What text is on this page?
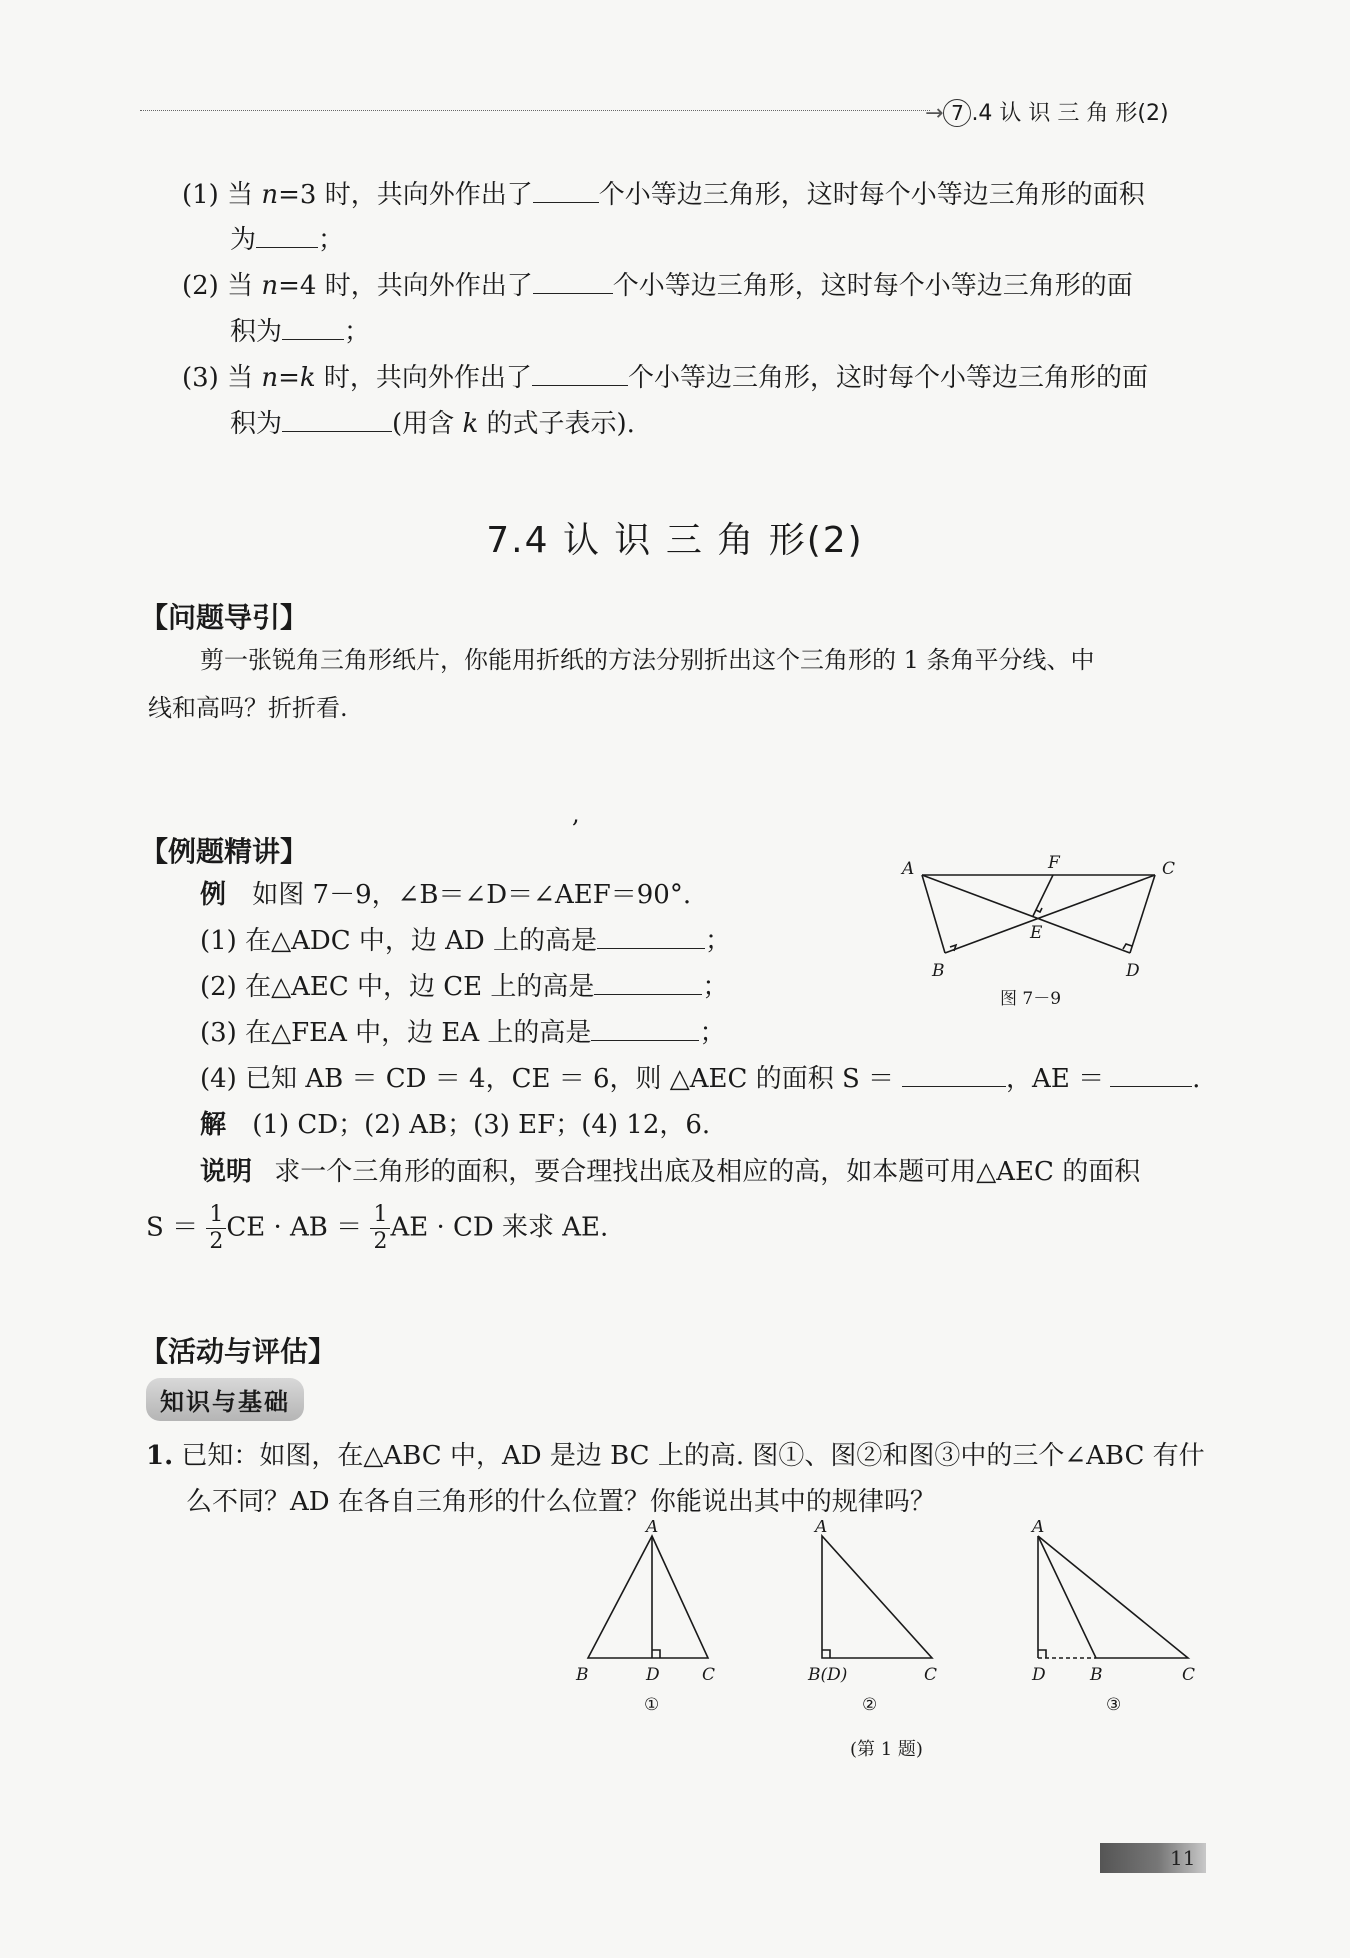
→ 7 .4 认 识 三 角 形(2)
(1) 当 n=3 时，共向外作出了	个小等边三角形，这时每个小等边三角形的面积
为 ；
(2) 当 n=4 时，共向外作出了	个小等边三角形，这时每个小等边三角形的面
积为 ；
(3) 当 n=k 时，共向外作出了	个小等边三角形，这时每个小等边三角形的面
积为	(用含 k 的式子表示).
7.4 认 识 三 角 形(2)
【问题导引】
剪一张锐角三角形纸片，你能用折纸的方法分别折出这个三角形的 1 条角平分线、中
线和高吗？折折看.
,
【例题精讲】
例 如图 7－9，∠B＝∠D＝∠AEF＝90°.
(1) 在△ADC 中，边 AD 上的高是	；
(2) 在△AEC 中，边 CE 上的高是	；
(3) 在△FEA 中，边 EA 上的高是	；
(4) 已知 AB ＝ CD ＝ 4，CE ＝ 6，则 △AEC 的面积 S ＝	，AE ＝	.
解 (1) CD；(2) AB；(3) EF；(4) 12，6.
说明 求一个三角形的面积，要合理找出底及相应的高，如本题可用△AEC 的面积
$S = \frac{1}{2}$ CE · AB ＝ $\frac{1}{2}$ AE · CD 来求 AE.
A	F	C
E
B	D
图 7－9
【活动与评估】
知识与基础
1. 已知：如图，在△ABC 中，AD 是边 BC 上的高. 图①、图②和图③中的三个∠ABC 有什
么不同？AD 在各自三角形的什么位置？你能说出其中的规律吗？
A
B	D C
①
A
B(D)	C
②
A
D	B	C
③
(第 1 题)
11
